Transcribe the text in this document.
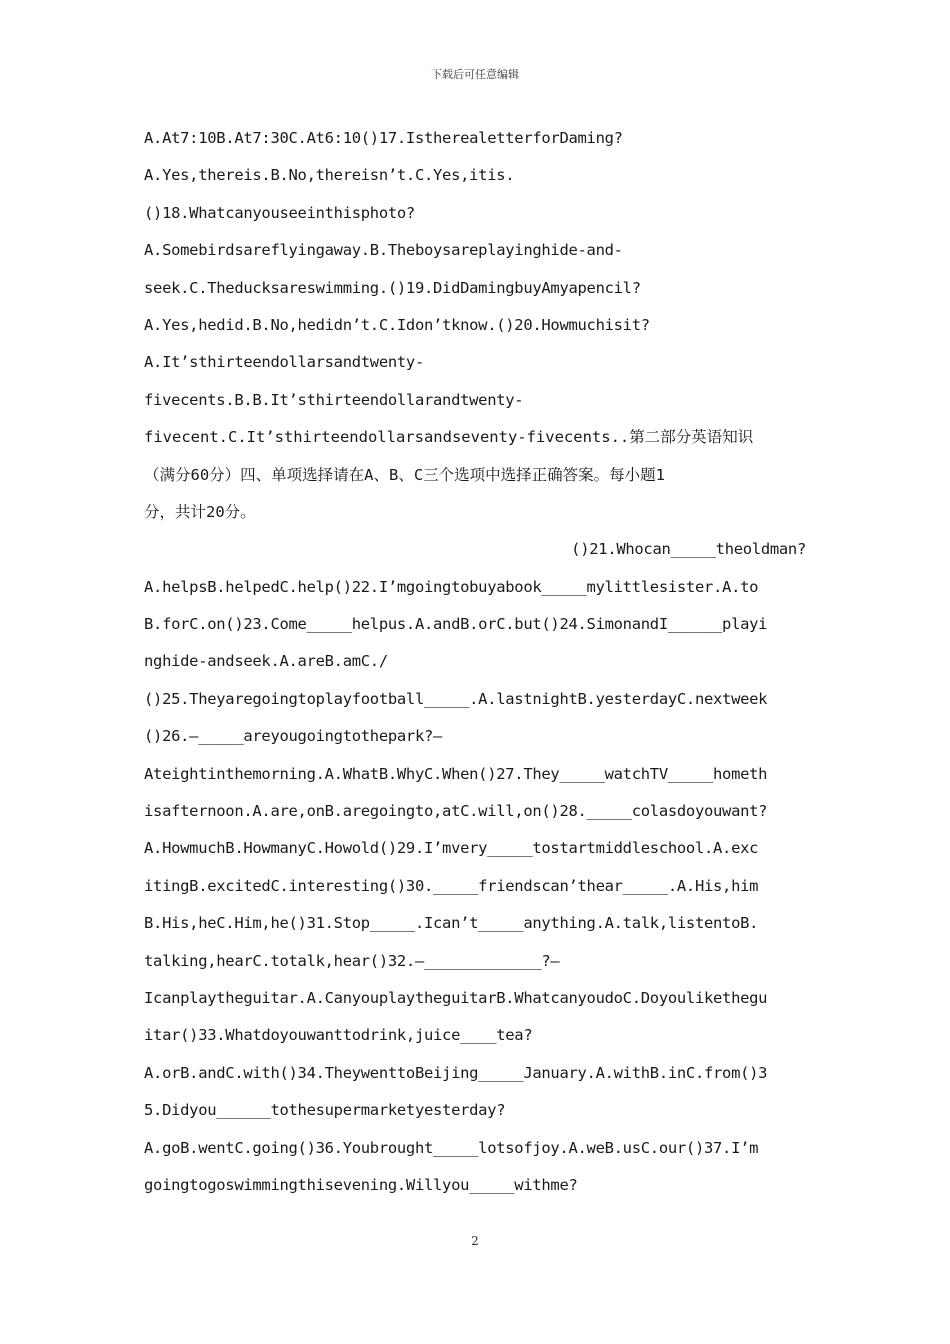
下载后可任意编辑
A.At7:10B.At7:30C.At6:10()17.IstherealetterforDaming?
A.Yes,thereis.B.No,thereisn’t.C.Yes,itis.
()18.Whatcanyouseeinthisphoto?
A.Somebirdsareflyingaway.B.Theboysareplayinghide-and-
seek.C.Theducksareswimming.()19.DidDamingbuyAmyapencil?
A.Yes,hedid.B.No,hedidn’t.C.Idon’tknow.()20.Howmuchisit?
A.It’sthirteendollarsandtwenty-
fivecents.B.B.It’sthirteendollarandtwenty-
fivecent.C.It’sthirteendollarsandseventy-fivecents..第二部分英语知识
（满分60分）四、单项选择请在A、B、C三个选项中选择正确答案。每小题1
分，共计20分。
()21.Whocan_____theoldman?
A.helpsB.helpedC.help()22.I’mgoingtobuyabook_____mylittlesister.A.to
B.forC.on()23.Come_____helpus.A.andB.orC.but()24.SimonandI______playi
nghide-andseek.A.areB.amC./
()25.Theyaregoingtoplayfootball_____.A.lastnightB.yesterdayC.nextweek
()26.—_____areyougoingtothepark?—
Ateightinthemorning.A.WhatB.WhyC.When()27.They_____watchTV_____hometh
isafternoon.A.are,onB.aregoingto,atC.will,on()28._____colasdoyouwant?
A.HowmuchB.HowmanyC.Howold()29.I’mvery_____tostartmiddleschool.A.exc
itingB.excitedC.interesting()30._____friendscan’thear_____.A.His,him
B.His,heC.Him,he()31.Stop_____.Ican’t_____anything.A.talk,listentoB.
talking,hearC.totalk,hear()32.—_____________?—
Icanplaytheguitar.A.CanyouplaytheguitarB.WhatcanyoudoC.Doyoulikethegu
itar()33.Whatdoyouwanttodrink,juice____tea?
A.orB.andC.with()34.TheywenttoBeijing_____January.A.withB.inC.from()3
5.Didyou______tothesupermarketyesterday?
A.goB.wentC.going()36.Youbrought_____lotsofjoy.A.weB.usC.our()37.I’m
goingtogoswimmingthisevening.Willyou_____withme?
2
